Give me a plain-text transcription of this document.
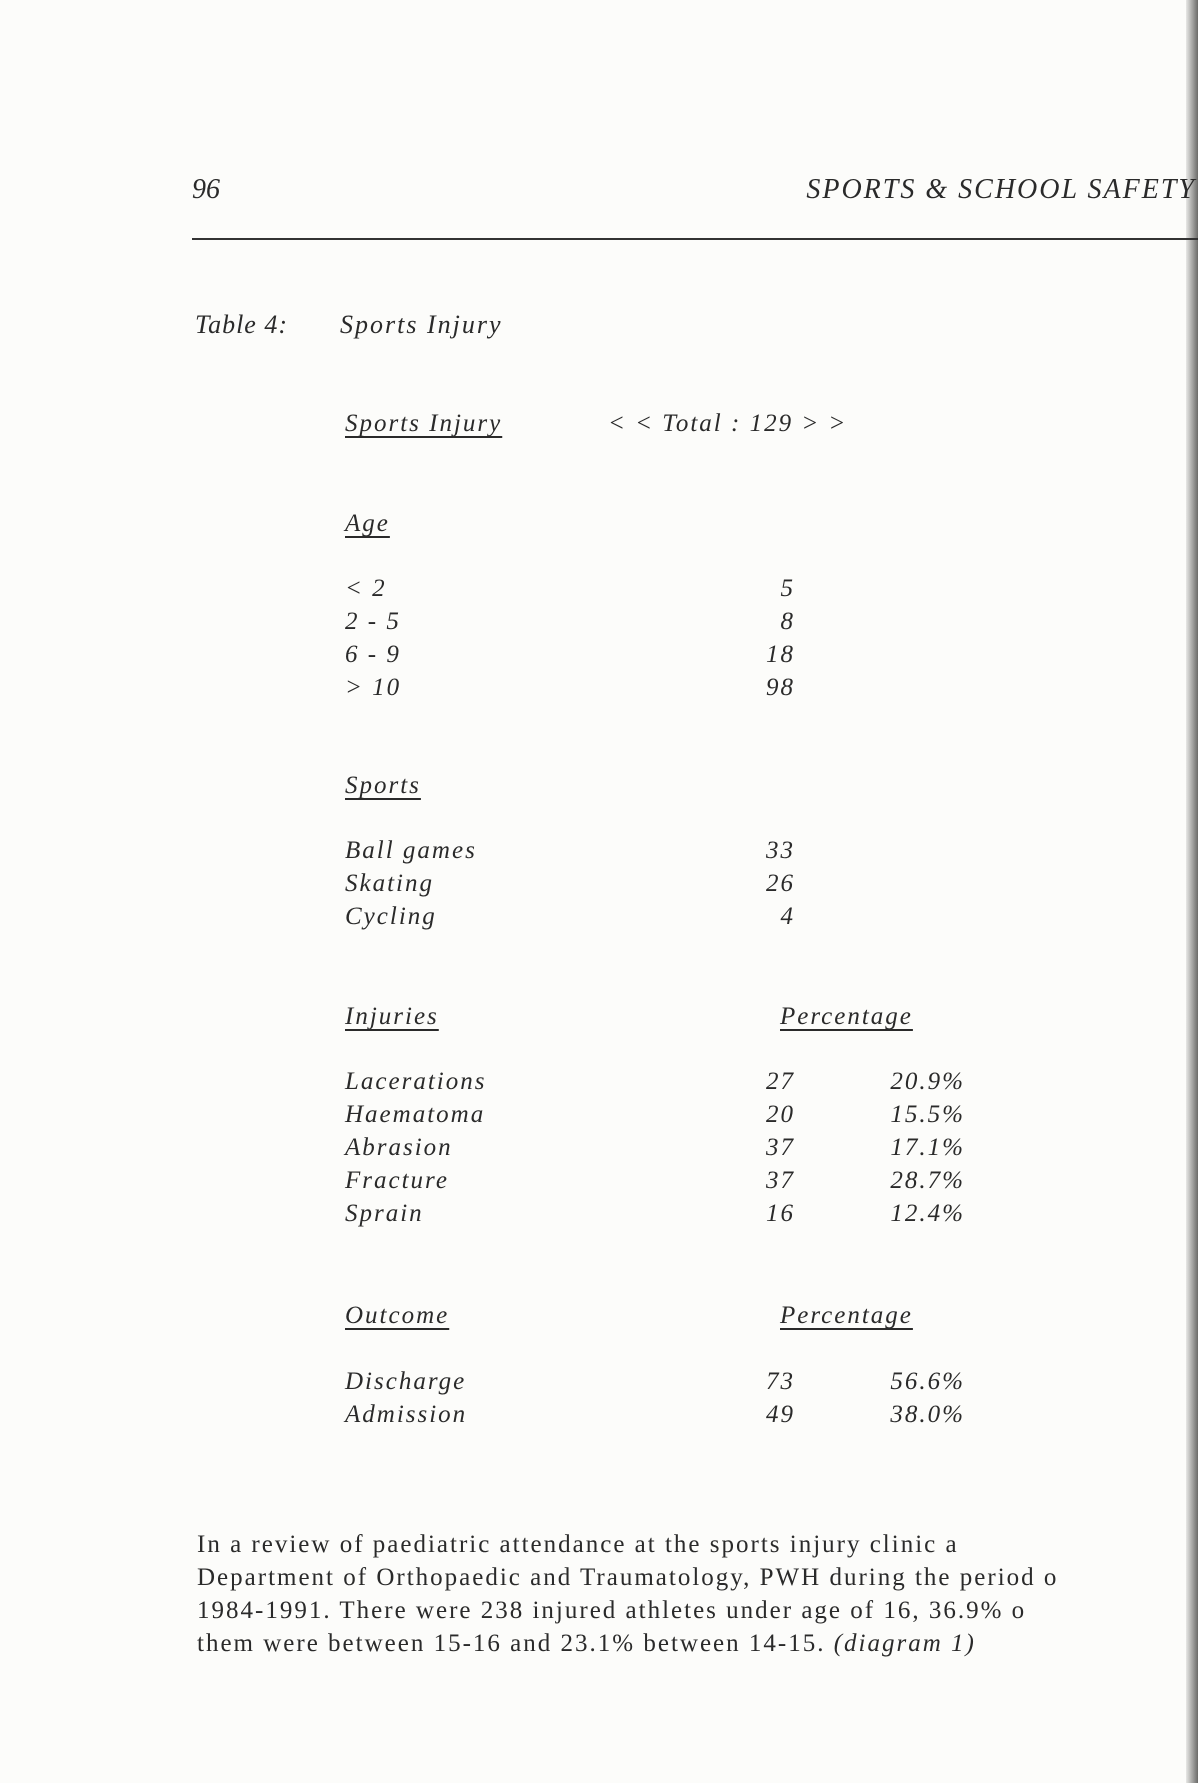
96	SPORTS & SCHOOL SAFETY
Table 4: Sports Injury
Sports Injury	< < Total : 129 > >
Age
< 2	5
2 - 5	8
6 - 9	18
> 10	98
Sports
Ball games	33
Skating	26
Cycling	4
Injuries	Percentage
Lacerations	27	20.9%
Haematoma	20	15.5%
Abrasion	37	17.1%
Fracture	37	28.7%
Sprain	16	12.4%
Outcome	Percentage
Discharge	73	56.6%
Admission	49	38.0%
In a review of paediatric attendance at the sports injury clinic a
Department of Orthopaedic and Traumatology, PWH during the period o
1984-1991. There were 238 injured athletes under age of 16, 36.9% o
them were between 15-16 and 23.1% between 14-15. (diagram 1)
